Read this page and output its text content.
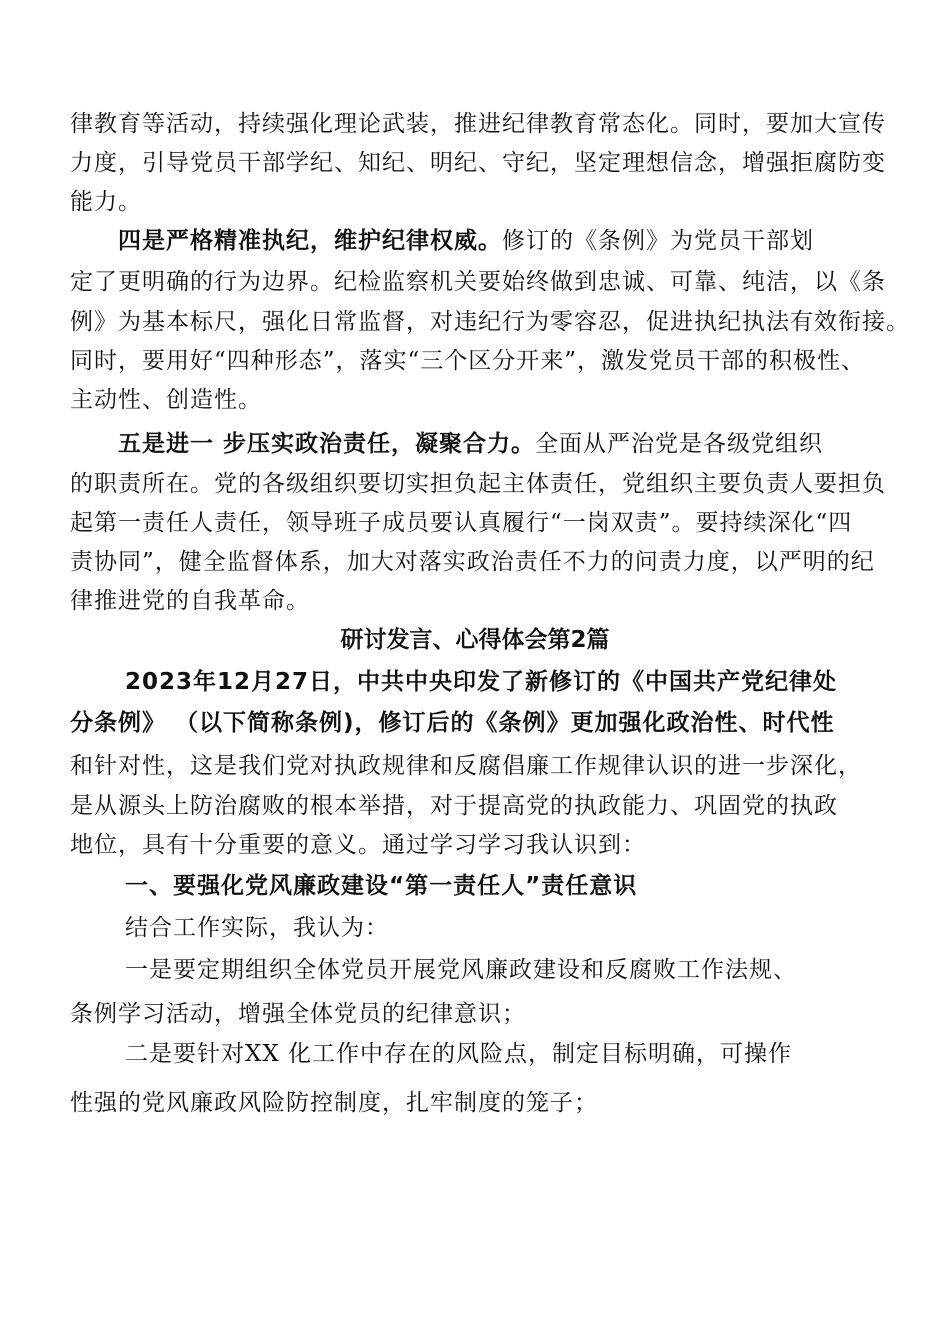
律教育等活动，持续强化理论武装，推进纪律教育常态化。同时，要加大宣传
力度，引导党员干部学纪、知纪、明纪、守纪，坚定理想信念，增强拒腐防变
能力。
四是严格精准执纪，维护纪律权威。修订的《条例》为党员干部划
定了更明确的行为边界。纪检监察机关要始终做到忠诚、可靠、纯洁，以《条
例》为基本标尺，强化日常监督，对违纪行为零容忍，促进执纪执法有效衔接。
同时，要用好“四种形态”，落实“三个区分开来”，激发党员干部的积极性、
主动性、创造性。
五是进一 步压实政治责任，凝聚合力。全面从严治党是各级党组织
的职责所在。党的各级组织要切实担负起主体责任，党组织主要负责人要担负
起第一责任人责任，领导班子成员要认真履行“一岗双责”。要持续深化“四
责协同”，健全监督体系，加大对落实政治责任不力的问责力度，以严明的纪
律推进党的自我革命。
研讨发言、心得体会第2篇
2023年12月27日，中共中央印发了新修订的《中国共产党纪律处
分条例》 （以下简称条例)，修订后的《条例》更加强化政治性、时代性
和针对性，这是我们党对执政规律和反腐倡廉工作规律认识的进一步深化，
是从源头上防治腐败的根本举措，对于提高党的执政能力、巩固党的执政
地位，具有十分重要的意义。通过学习学习我认识到：
一、要强化党风廉政建设“第一责任人”责任意识
结合工作实际，我认为：
一是要定期组织全体党员开展党风廉政建设和反腐败工作法规、
条例学习活动，增强全体党员的纪律意识；
二是要针对XX 化工作中存在的风险点，制定目标明确，可操作
性强的党风廉政风险防控制度，扎牢制度的笼子；
